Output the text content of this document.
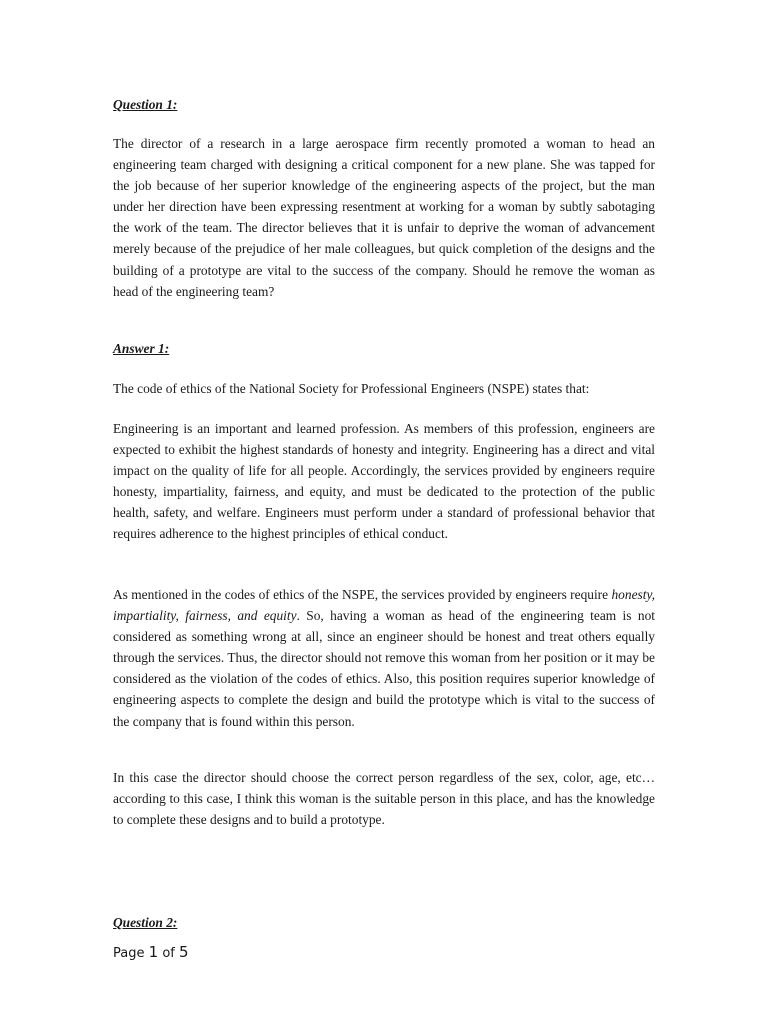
Question 1:

The director of a research in a large aerospace firm recently promoted a woman to head an engineering team charged with designing a critical component for a new plane. She was tapped for the job because of her superior knowledge of the engineering aspects of the project, but the man under her direction have been expressing resentment at working for a woman by subtly sabotaging the work of the team. The director believes that it is unfair to deprive the woman of advancement merely because of the prejudice of her male colleagues, but quick completion of the designs and the building of a prototype are vital to the success of the company. Should he remove the woman as head of the engineering team?

Answer 1:

The code of ethics of the National Society for Professional Engineers (NSPE) states that:

Engineering is an important and learned profession. As members of this profession, engineers are expected to exhibit the highest standards of honesty and integrity. Engineering has a direct and vital impact on the quality of life for all people. Accordingly, the services provided by engineers require honesty, impartiality, fairness, and equity, and must be dedicated to the protection of the public health, safety, and welfare. Engineers must perform under a standard of professional behavior that requires adherence to the highest principles of ethical conduct.

As mentioned in the codes of ethics of the NSPE, the services provided by engineers require honesty, impartiality, fairness, and equity. So, having a woman as head of the engineering team is not considered as something wrong at all, since an engineer should be honest and treat others equally through the services. Thus, the director should not remove this woman from her position or it may be considered as the violation of the codes of ethics. Also, this position requires superior knowledge of engineering aspects to complete the design and build the prototype which is vital to the success of the company that is found within this person.

In this case the director should choose the correct person regardless of the sex, color, age, etc… according to this case, I think this woman is the suitable person in this place, and has the knowledge to complete these designs and to build a prototype.

Question 2:

Page 1 of 5
